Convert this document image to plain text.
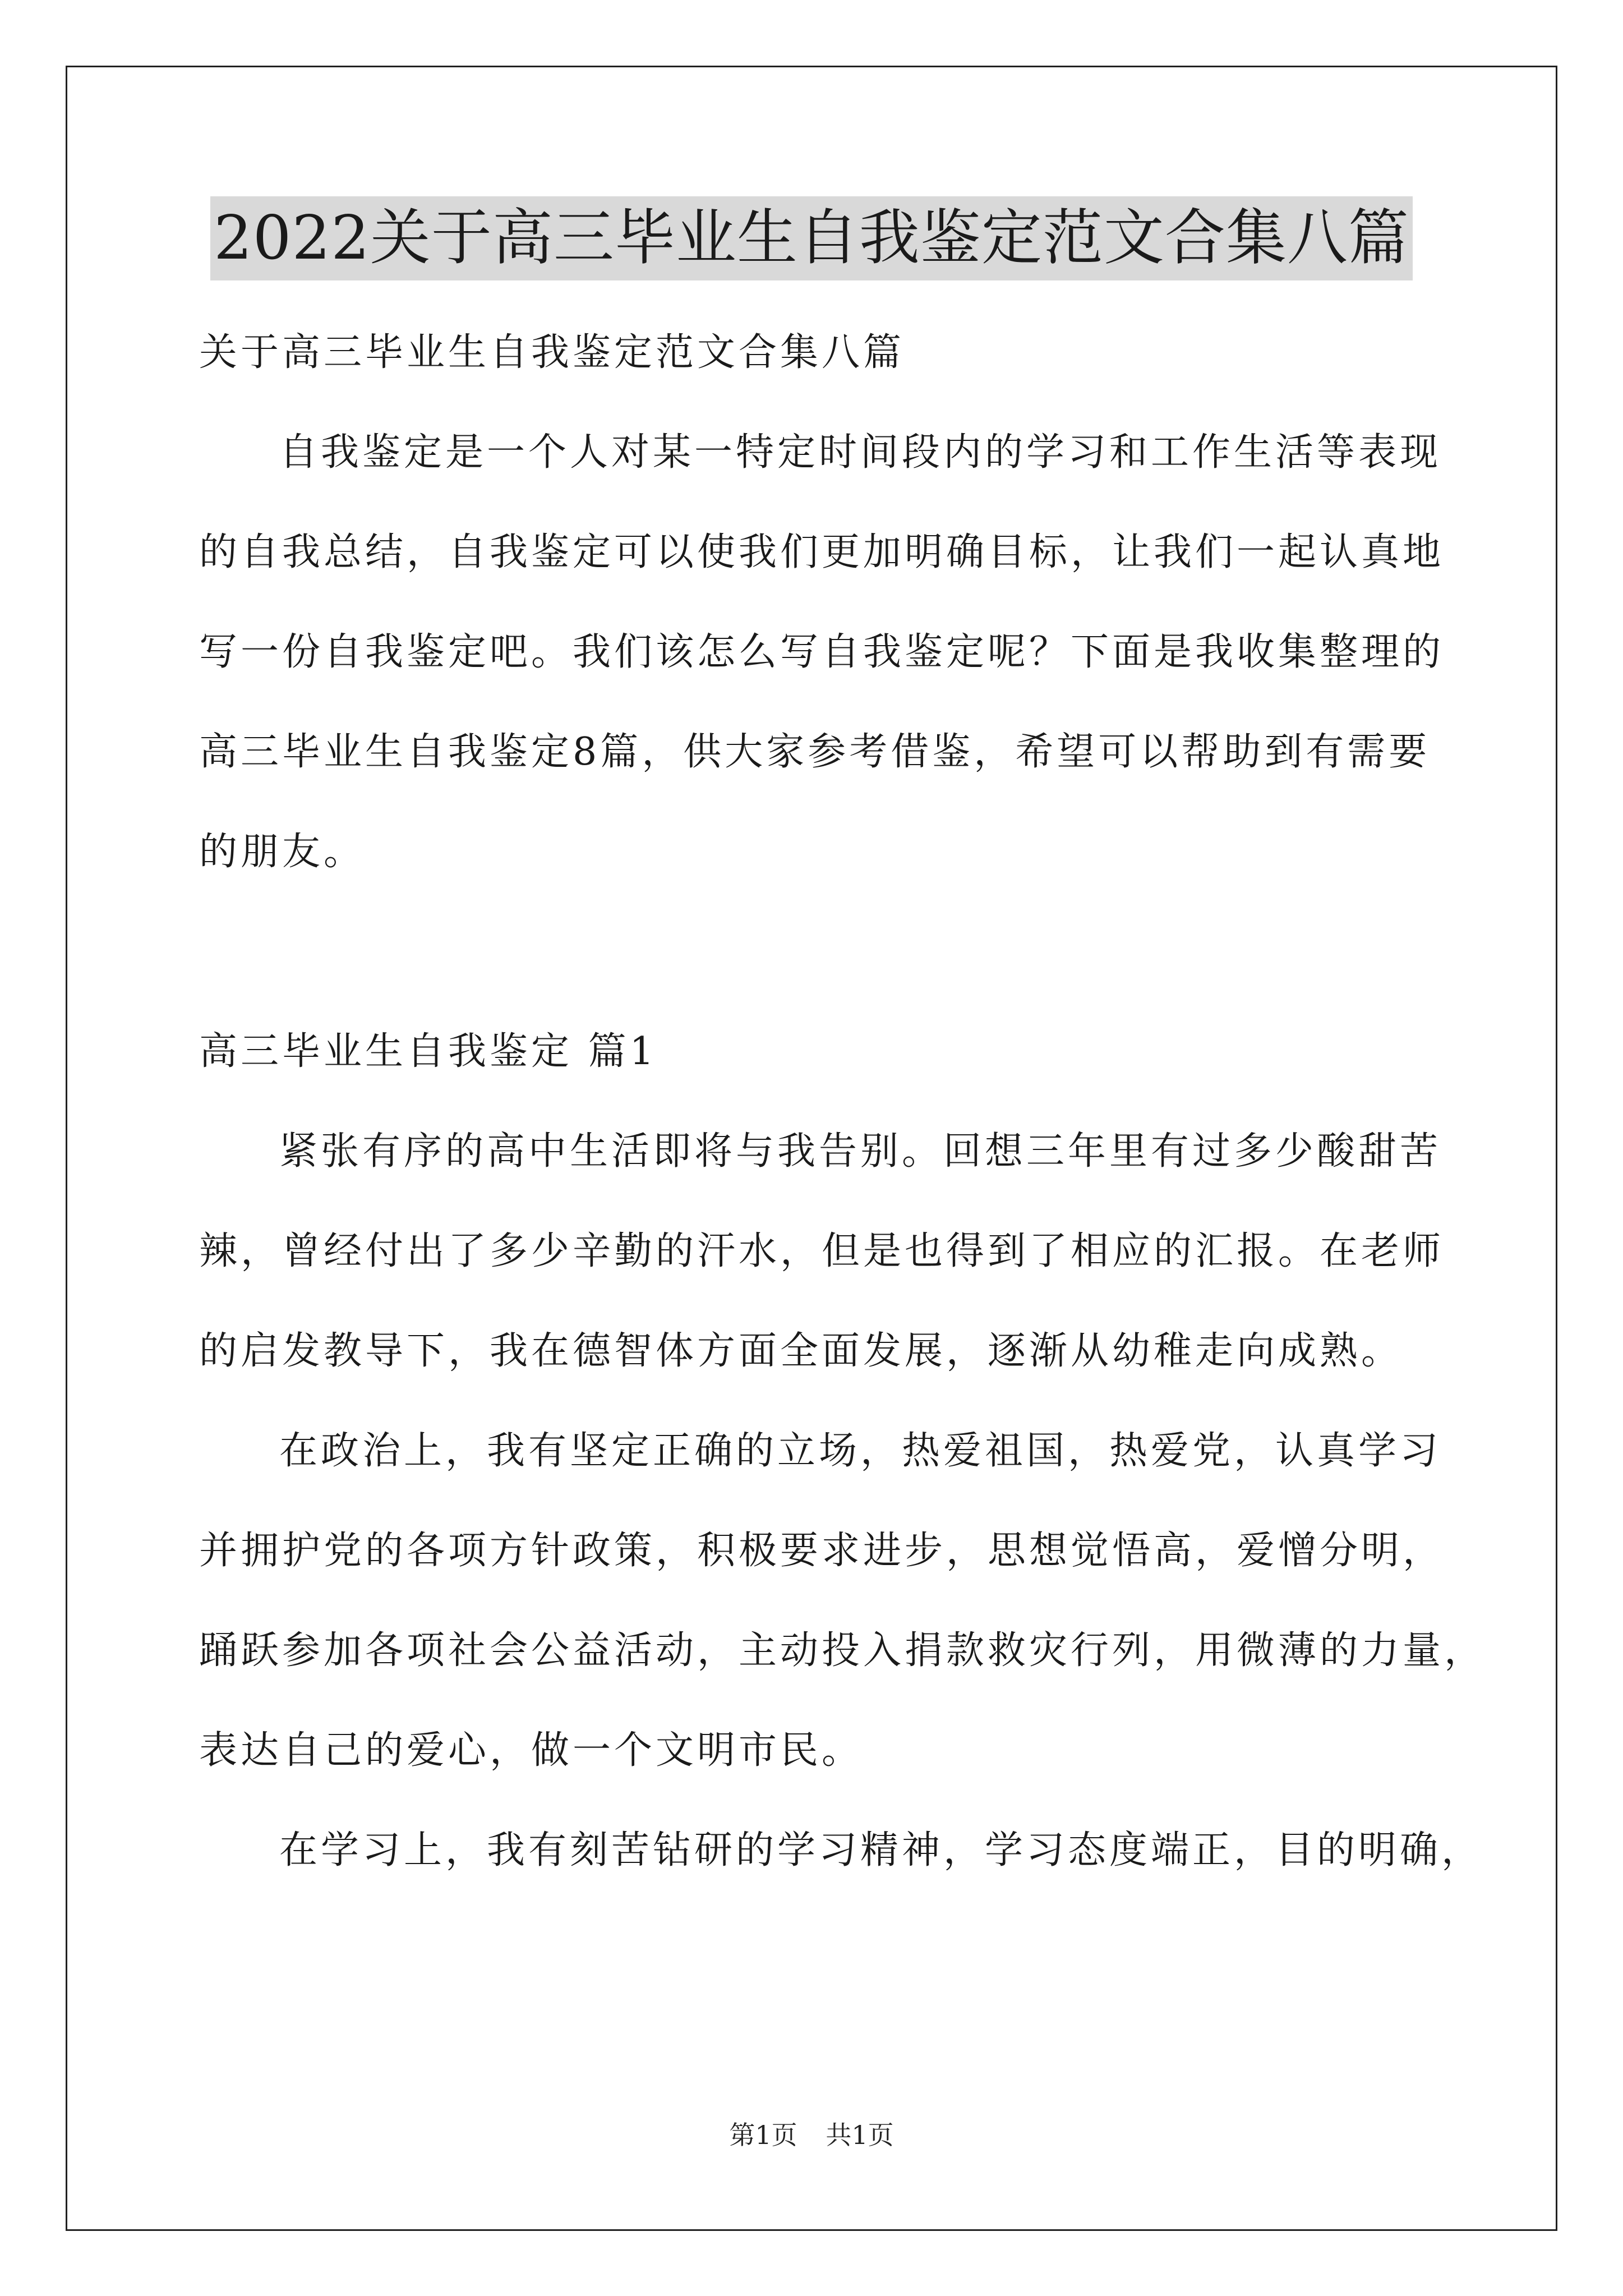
2022关于高三毕业生自我鉴定范文合集八篇

关于高三毕业生自我鉴定范文合集八篇

自我鉴定是一个人对某一特定时间段内的学习和工作生活等表现

的自我总结，自我鉴定可以使我们更加明确目标，让我们一起认真地

写一份自我鉴定吧。我们该怎么写自我鉴定呢？下面是我收集整理的

高三毕业生自我鉴定8篇，供大家参考借鉴，希望可以帮助到有需要

的朋友。

高三毕业生自我鉴定 篇1

紧张有序的高中生活即将与我告别。回想三年里有过多少酸甜苦

辣，曾经付出了多少辛勤的汗水，但是也得到了相应的汇报。在老师

的启发教导下，我在德智体方面全面发展，逐渐从幼稚走向成熟。

在政治上，我有坚定正确的立场，热爱祖国，热爱党，认真学习

并拥护党的各项方针政策，积极要求进步，思想觉悟高，爱憎分明，

踊跃参加各项社会公益活动，主动投入捐款救灾行列，用微薄的力量，

表达自己的爱心，做一个文明市民。

在学习上，我有刻苦钻研的学习精神，学习态度端正，目的明确，

第1页 共1页
